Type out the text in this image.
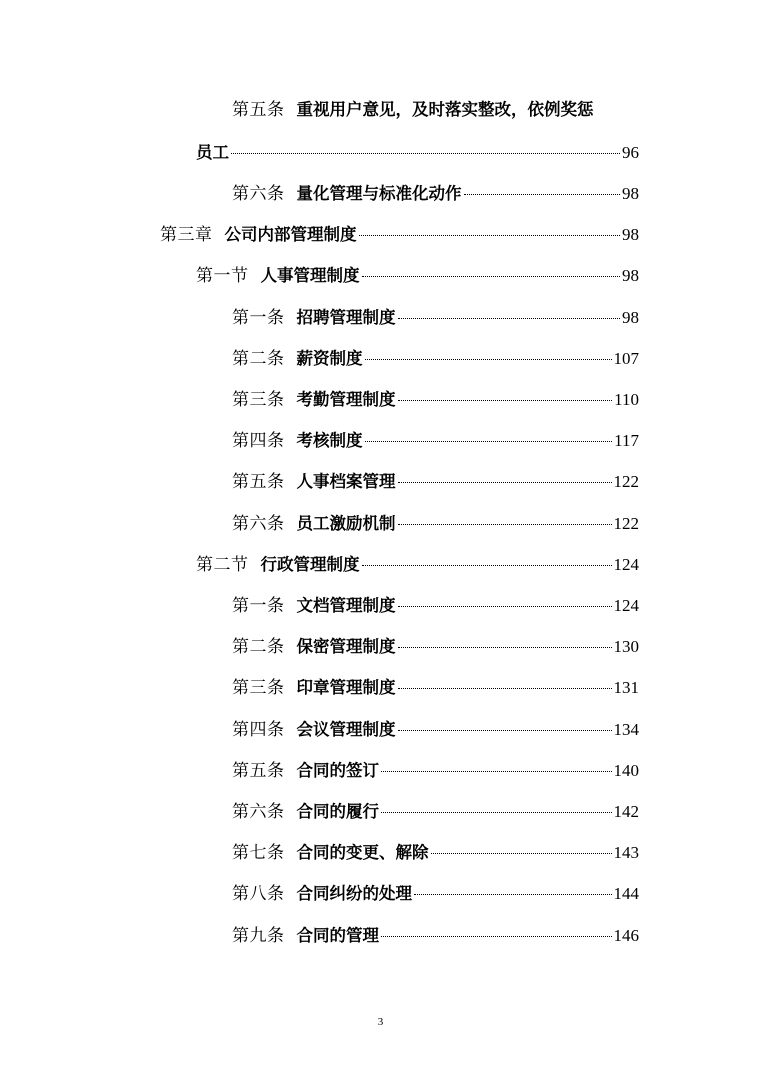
第五条 重视用户意见，及时落实整改，依例奖惩
员工	96
第六条 量化管理与标准化动作	98
第三章 公司内部管理制度	98
第一节 人事管理制度	98
第一条 招聘管理制度	98
第二条 薪资制度	107
第三条 考勤管理制度	110
第四条 考核制度	117
第五条 人事档案管理	122
第六条 员工激励机制	122
第二节 行政管理制度	124
第一条 文档管理制度	124
第二条 保密管理制度	130
第三条 印章管理制度	131
第四条 会议管理制度	134
第五条 合同的签订	140
第六条 合同的履行	142
第七条 合同的变更、解除	143
第八条 合同纠纷的处理	144
第九条 合同的管理	146
3
